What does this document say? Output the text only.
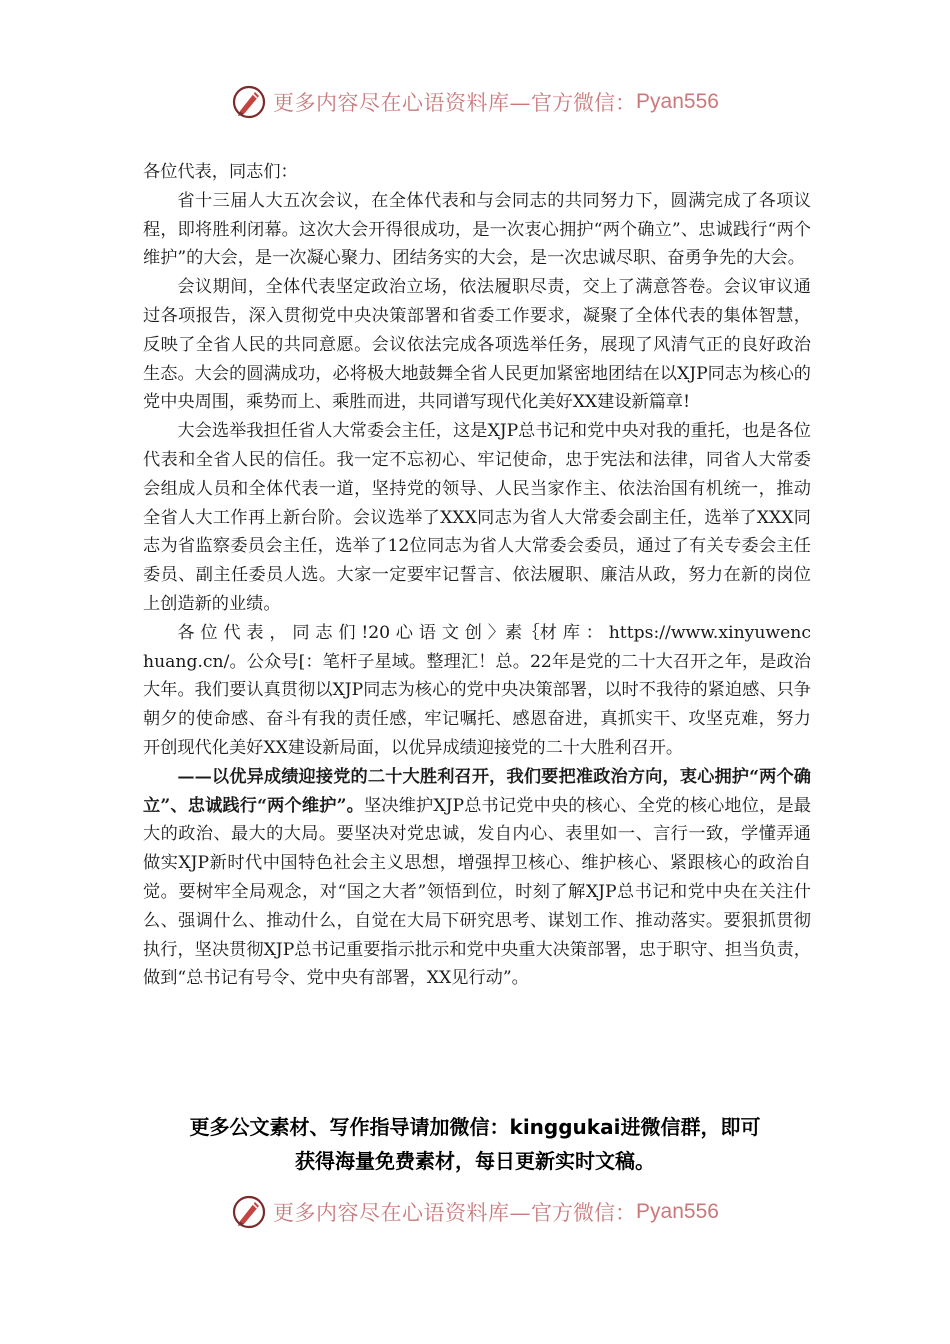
更多内容尽在心语资料库— 官方微信： Pyan556

各位代表，同志们：

省十三届人大五次会议，在全体代表和与会同志的共同努力下，圆满完成了各项议程，即将胜利闭幕。这次大会开得很成功，是一次衷心拥护“两个确立”、忠诚践行“两个维护”的大会，是一次凝心聚力、团结务实的大会，是一次忠诚尽职、奋勇争先的大会。

会议期间，全体代表坚定政治立场，依法履职尽责，交上了满意答卷。会议审议通过各项报告，深入贯彻党中央决策部署和省委工作要求，凝聚了全体代表的集体智慧，反映了全省人民的共同意愿。会议依法完成各项选举任务，展现了风清气正的良好政治生态。大会的圆满成功，必将极大地鼓舞全省人民更加紧密地团结在以XJP同志为核心的党中央周围，乘势而上、乘胜而进，共同谱写现代化美好XX建设新篇章!

大会选举我担任省人大常委会主任，这是XJP总书记和党中央对我的重托，也是各位代表和全省人民的信任。我一定不忘初心、牢记使命，忠于宪法和法律，同省人大常委会组成人员和全体代表一道，坚持党的领导、人民当家作主、依法治国有机统一，推动全省人大工作再上新台阶。会议选举了XXX同志为省人大常委会副主任，选举了XXX同志为省监察委员会主任，选举了12位同志为省人大常委会委员，通过了有关专委会主任委员、副主任委员人选。大家一定要牢记誓言、依法履职、廉洁从政，努力在新的岗位上创造新的业绩。

各 位 代 表 ， 同 志 们 !20 心 语 文 创 〉素｛材 库 ： https://www.xinyuwenchuang.cn/。公众号[：笔杆子星域。整理汇！总。22年是党的二十大召开之年，是政治大年。我们要认真贯彻以XJP同志为核心的党中央决策部署，以时不我待的紧迫感、只争朝夕的使命感、奋斗有我的责任感，牢记嘱托、感恩奋进，真抓实干、攻坚克难，努力开创现代化美好XX建设新局面，以优异成绩迎接党的二十大胜利召开。

——以优异成绩迎接党的二十大胜利召开，我们要把准政治方向，衷心拥护“两个确立”、忠诚践行“两个维护”。坚决维护XJP总书记党中央的核心、全党的核心地位，是最大的政治、最大的大局。要坚决对党忠诚，发自内心、表里如一、言行一致，学懂弄通做实XJP新时代中国特色社会主义思想，增强捍卫核心、维护核心、紧跟核心的政治自觉。要树牢全局观念，对“国之大者”领悟到位，时刻了解XJP总书记和党中央在关注什么、强调什么、推动什么，自觉在大局下研究思考、谋划工作、推动落实。要狠抓贯彻执行，坚决贯彻XJP总书记重要指示批示和党中央重大决策部署，忠于职守、担当负责，做到“总书记有号令、党中央有部署，XX见行动”。

更多公文素材、写作指导请加微信：kinggukai进微信群，即可
获得海量免费素材，每日更新实时文稿。
更多内容尽在心语资料库— 官方微信： Pyan556
